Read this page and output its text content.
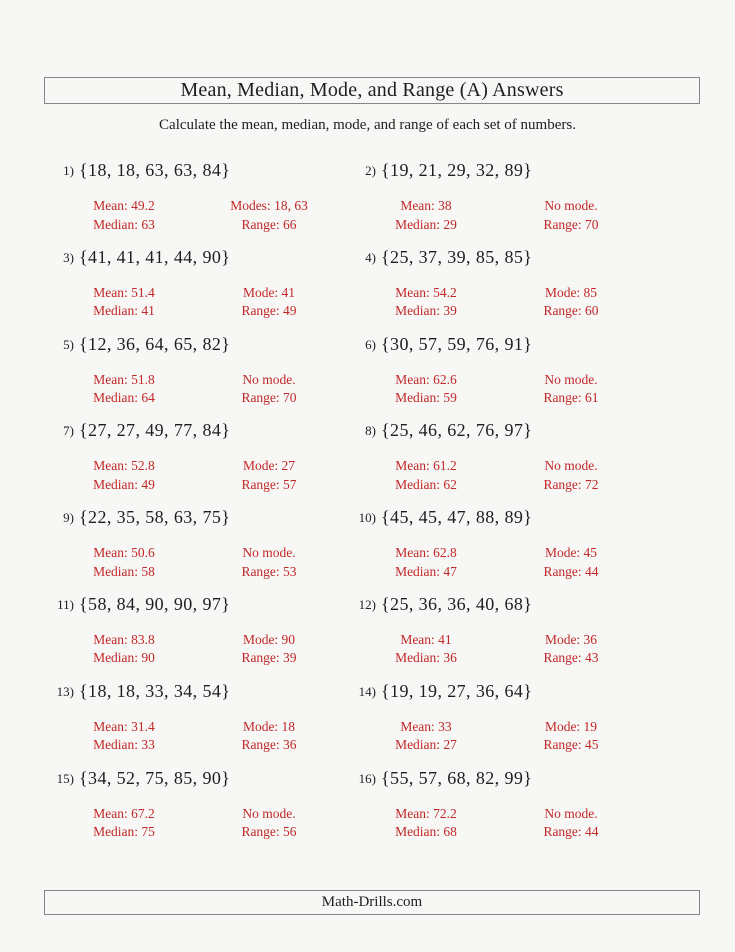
Mean, Median, Mode, and Range (A) Answers

Calculate the mean, median, mode, and range of each set of numbers.

1) {18, 18, 63, 63, 84}
Mean: 49.2
Median: 63
Modes: 18, 63
Range: 66
2) {19, 21, 29, 32, 89}
Mean: 38
Median: 29
No mode.
Range: 70
3) {41, 41, 41, 44, 90}
Mean: 51.4
Median: 41
Mode: 41
Range: 49
4) {25, 37, 39, 85, 85}
Mean: 54.2
Median: 39
Mode: 85
Range: 60
5) {12, 36, 64, 65, 82}
Mean: 51.8
Median: 64
No mode.
Range: 70
6) {30, 57, 59, 76, 91}
Mean: 62.6
Median: 59
No mode.
Range: 61
7) {27, 27, 49, 77, 84}
Mean: 52.8
Median: 49
Mode: 27
Range: 57
8) {25, 46, 62, 76, 97}
Mean: 61.2
Median: 62
No mode.
Range: 72
9) {22, 35, 58, 63, 75}
Mean: 50.6
Median: 58
No mode.
Range: 53
10) {45, 45, 47, 88, 89}
Mean: 62.8
Median: 47
Mode: 45
Range: 44
11) {58, 84, 90, 90, 97}
Mean: 83.8
Median: 90
Mode: 90
Range: 39
12) {25, 36, 36, 40, 68}
Mean: 41
Median: 36
Mode: 36
Range: 43
13) {18, 18, 33, 34, 54}
Mean: 31.4
Median: 33
Mode: 18
Range: 36
14) {19, 19, 27, 36, 64}
Mean: 33
Median: 27
Mode: 19
Range: 45
15) {34, 52, 75, 85, 90}
Mean: 67.2
Median: 75
No mode.
Range: 56
16) {55, 57, 68, 82, 99}
Mean: 72.2
Median: 68
No mode.
Range: 44
Math-Drills.com
